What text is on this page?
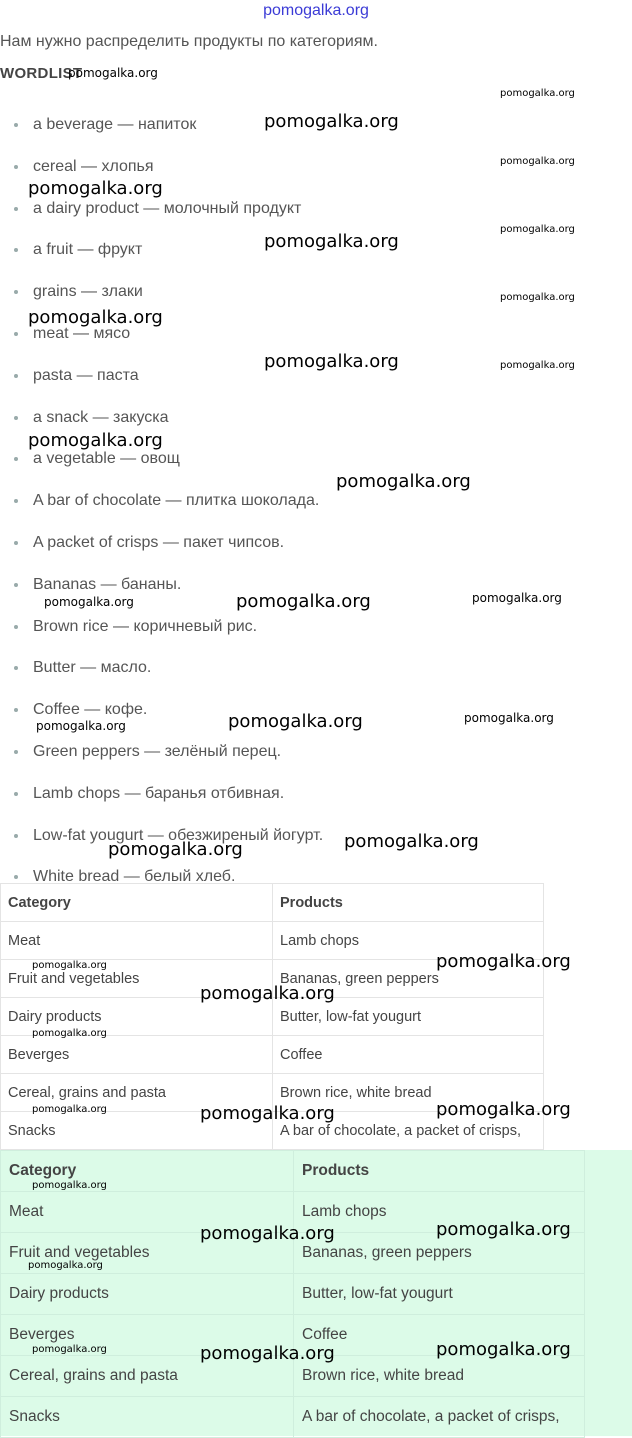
pomogalka.org
Нам нужно распределить продукты по категориям.
WORDLIST
a beverage — напиток
cereal — хлопья
a dairy product — молочный продукт
a fruit — фрукт
grains — злаки
meat — мясо
pasta — паста
a snack — закуска
a vegetable — овощ
A bar of chocolate — плитка шоколада.
A packet of crisps — пакет чипсов.
Bananas — бананы.
Brown rice — коричневый рис.
Butter — масло.
Coffee — кофе.
Green peppers — зелёный перец.
Lamb chops — баранья отбивная.
Low-fat yougurt — обезжиреный йогурт.
White bread — белый хлеб.
Category	Products
Meat	Lamb chops
Fruit and vegetables	Bananas, green peppers
Dairy products	Butter, low-fat yougurt
Beverges	Coffee
Cereal, grains and pasta	Brown rice, white bread
Snacks	A bar of chocolate, a packet of crisps,
Category	Products
Meat	Lamb chops
Fruit and vegetables	Bananas, green peppers
Dairy products	Butter, low-fat yougurt
Beverges	Coffee
Cereal, grains and pasta	Brown rice, white bread
Snacks	A bar of chocolate, a packet of crisps,
pomogalka.org
pomogalka.org
pomogalka.org
pomogalka.org
pomogalka.org
pomogalka.org
pomogalka.org
pomogalka.org
pomogalka.org
pomogalka.org	pomogalka.org
pomogalka.org
pomogalka.org
pomogalka.org	pomogalka.org	pomogalka.org
pomogalka.org	pomogalka.org	pomogalka.org
pomogalka.org
pomogalka.org
pomogalka.org	pomogalka.org
pomogalka.org
pomogalka.org
pomogalka.org	pomogalka.org	pomogalka.org
pomogalka.org
pomogalka.org
pomogalka.org
pomogalka.org
pomogalka.org	pomogalka.org
pomogalka.org
